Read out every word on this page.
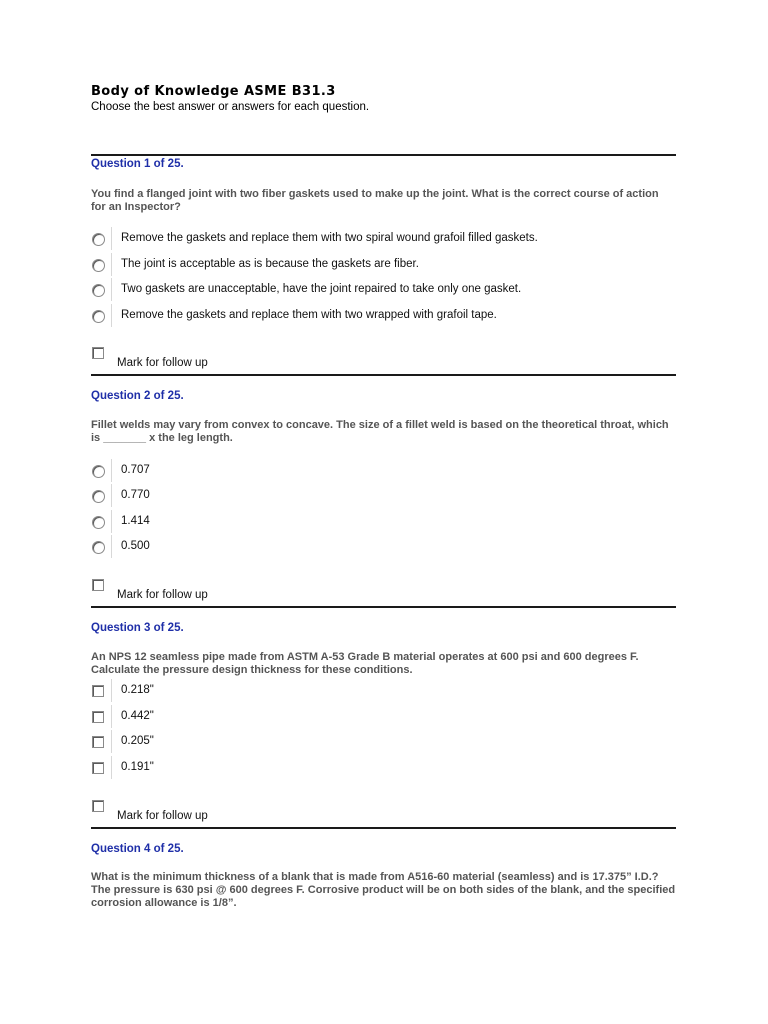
Body of Knowledge ASME B31.3
Choose the best answer or answers for each question.
Question 1 of 25.
You find a flanged joint with two fiber gaskets used to make up the joint. What is the correct course of action for an Inspector?
Remove the gaskets and replace them with two spiral wound grafoil filled gaskets.
The joint is acceptable as is because the gaskets are fiber.
Two gaskets are unacceptable, have the joint repaired to take only one gasket.
Remove the gaskets and replace them with two wrapped with grafoil tape.
Mark for follow up
Question 2 of 25.
Fillet welds may vary from convex to concave. The size of a fillet weld is based on the theoretical throat, which is _______ x the leg length.
0.707
0.770
1.414
0.500
Mark for follow up
Question 3 of 25.
An NPS 12 seamless pipe made from ASTM A-53 Grade B material operates at 600 psi and 600 degrees F. Calculate the pressure design thickness for these conditions.
0.218"
0.442"
0.205"
0.191"
Mark for follow up
Question 4 of 25.
What is the minimum thickness of a blank that is made from A516-60 material (seamless) and is 17.375” I.D.? The pressure is 630 psi @ 600 degrees F. Corrosive product will be on both sides of the blank, and the specified corrosion allowance is 1/8”.
